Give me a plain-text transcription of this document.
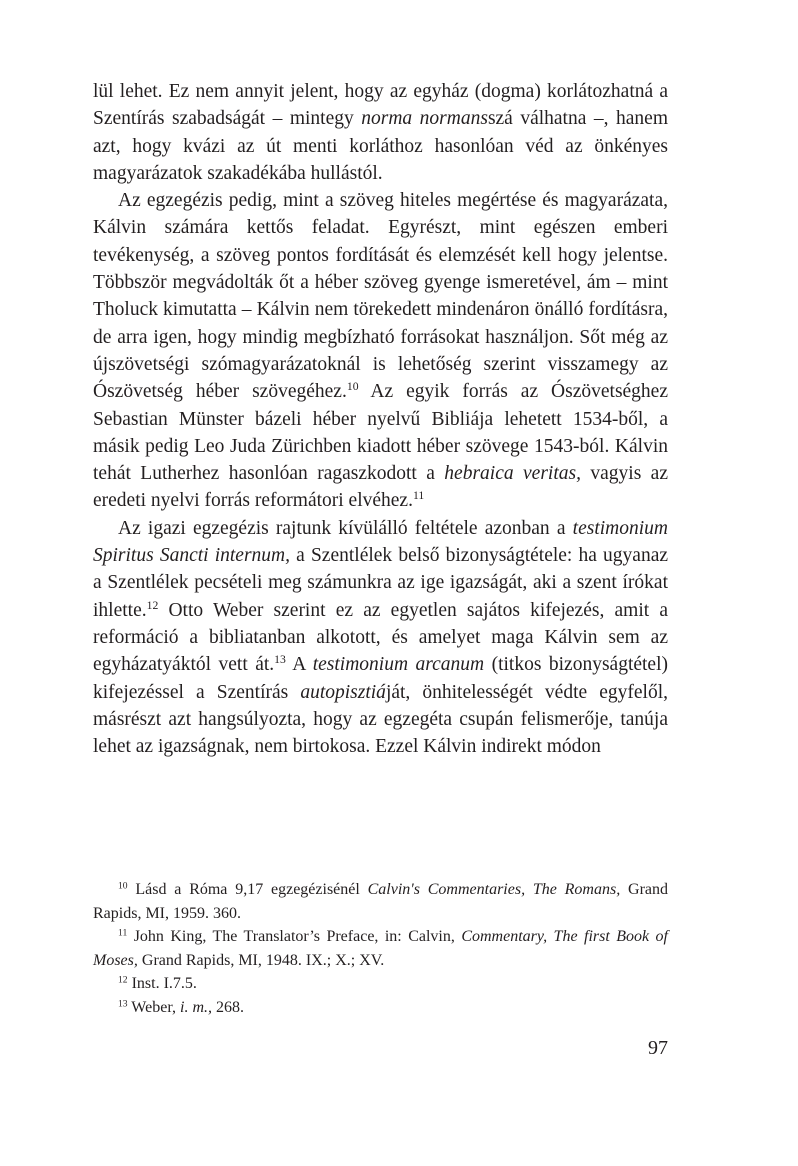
lül lehet. Ez nem annyit jelent, hogy az egyház (dogma) korlátozhatná a Szentírás szabadságát – mintegy norma normansszá válhatna –, hanem azt, hogy kvázi az út menti korláthoz hasonlóan véd az önkényes magyarázatok szakadékába hullástól.

Az egzegézis pedig, mint a szöveg hiteles megértése és magyarázata, Kálvin számára kettős feladat. Egyrészt, mint egészen emberi tevékenység, a szöveg pontos fordítását és elemzését kell hogy jelentse. Többször megvádolták őt a héber szöveg gyenge ismeretével, ám – mint Tholuck kimutatta – Kálvin nem törekedett mindenáron önálló fordításra, de arra igen, hogy mindig megbízható forrásokat használjon. Sőt még az újszövetségi szómagyarázatoknál is lehetőség szerint visszamegy az Ószövetség héber szövegéhez.$^{10}$ Az egyik forrás az Ószövetséghez Sebastian Münster bázeli héber nyelvű Bibliája lehetett 1534-ből, a másik pedig Leo Juda Zürichben kiadott héber szövege 1543-ból. Kálvin tehát Lutherhez hasonlóan ragaszkodott a hebraica veritas, vagyis az eredeti nyelvi forrás reformátori elvéhez.$^{11}$

Az igazi egzegézis rajtunk kívülálló feltétele azonban a testimonium Spiritus Sancti internum, a Szentlélek belső bizonyságtétele: ha ugyanaz a Szentlélek pecsételi meg számunkra az ige igazságát, aki a szent írókat ihlette.$^{12}$ Otto Weber szerint ez az egyetlen sajátos kifejezés, amit a reformáció a bibliatanban alkotott, és amelyet maga Kálvin sem az egyházatyáktól vett át.$^{13}$ A testimonium arcanum (titkos bizonyságtétel) kifejezéssel a Szentírás autopisztiáját, önhitelességét védte egyfelől, másrészt azt hangsúlyozta, hogy az egzegéta csupán felismerője, tanúja lehet az igazságnak, nem birtokosa. Ezzel Kálvin indirekt módon

$^{10}$ Lásd a Róma 9,17 egzegézisénél Calvin's Commentaries, The Romans, Grand Rapids, MI, 1959. 360.

$^{11}$ John King, The Translator’s Preface, in: Calvin, Commentary, The first Book of Moses, Grand Rapids, MI, 1948. IX.; X.; XV.

$^{12}$ Inst. I.7.5.

$^{13}$ Weber, i. m., 268.

97
